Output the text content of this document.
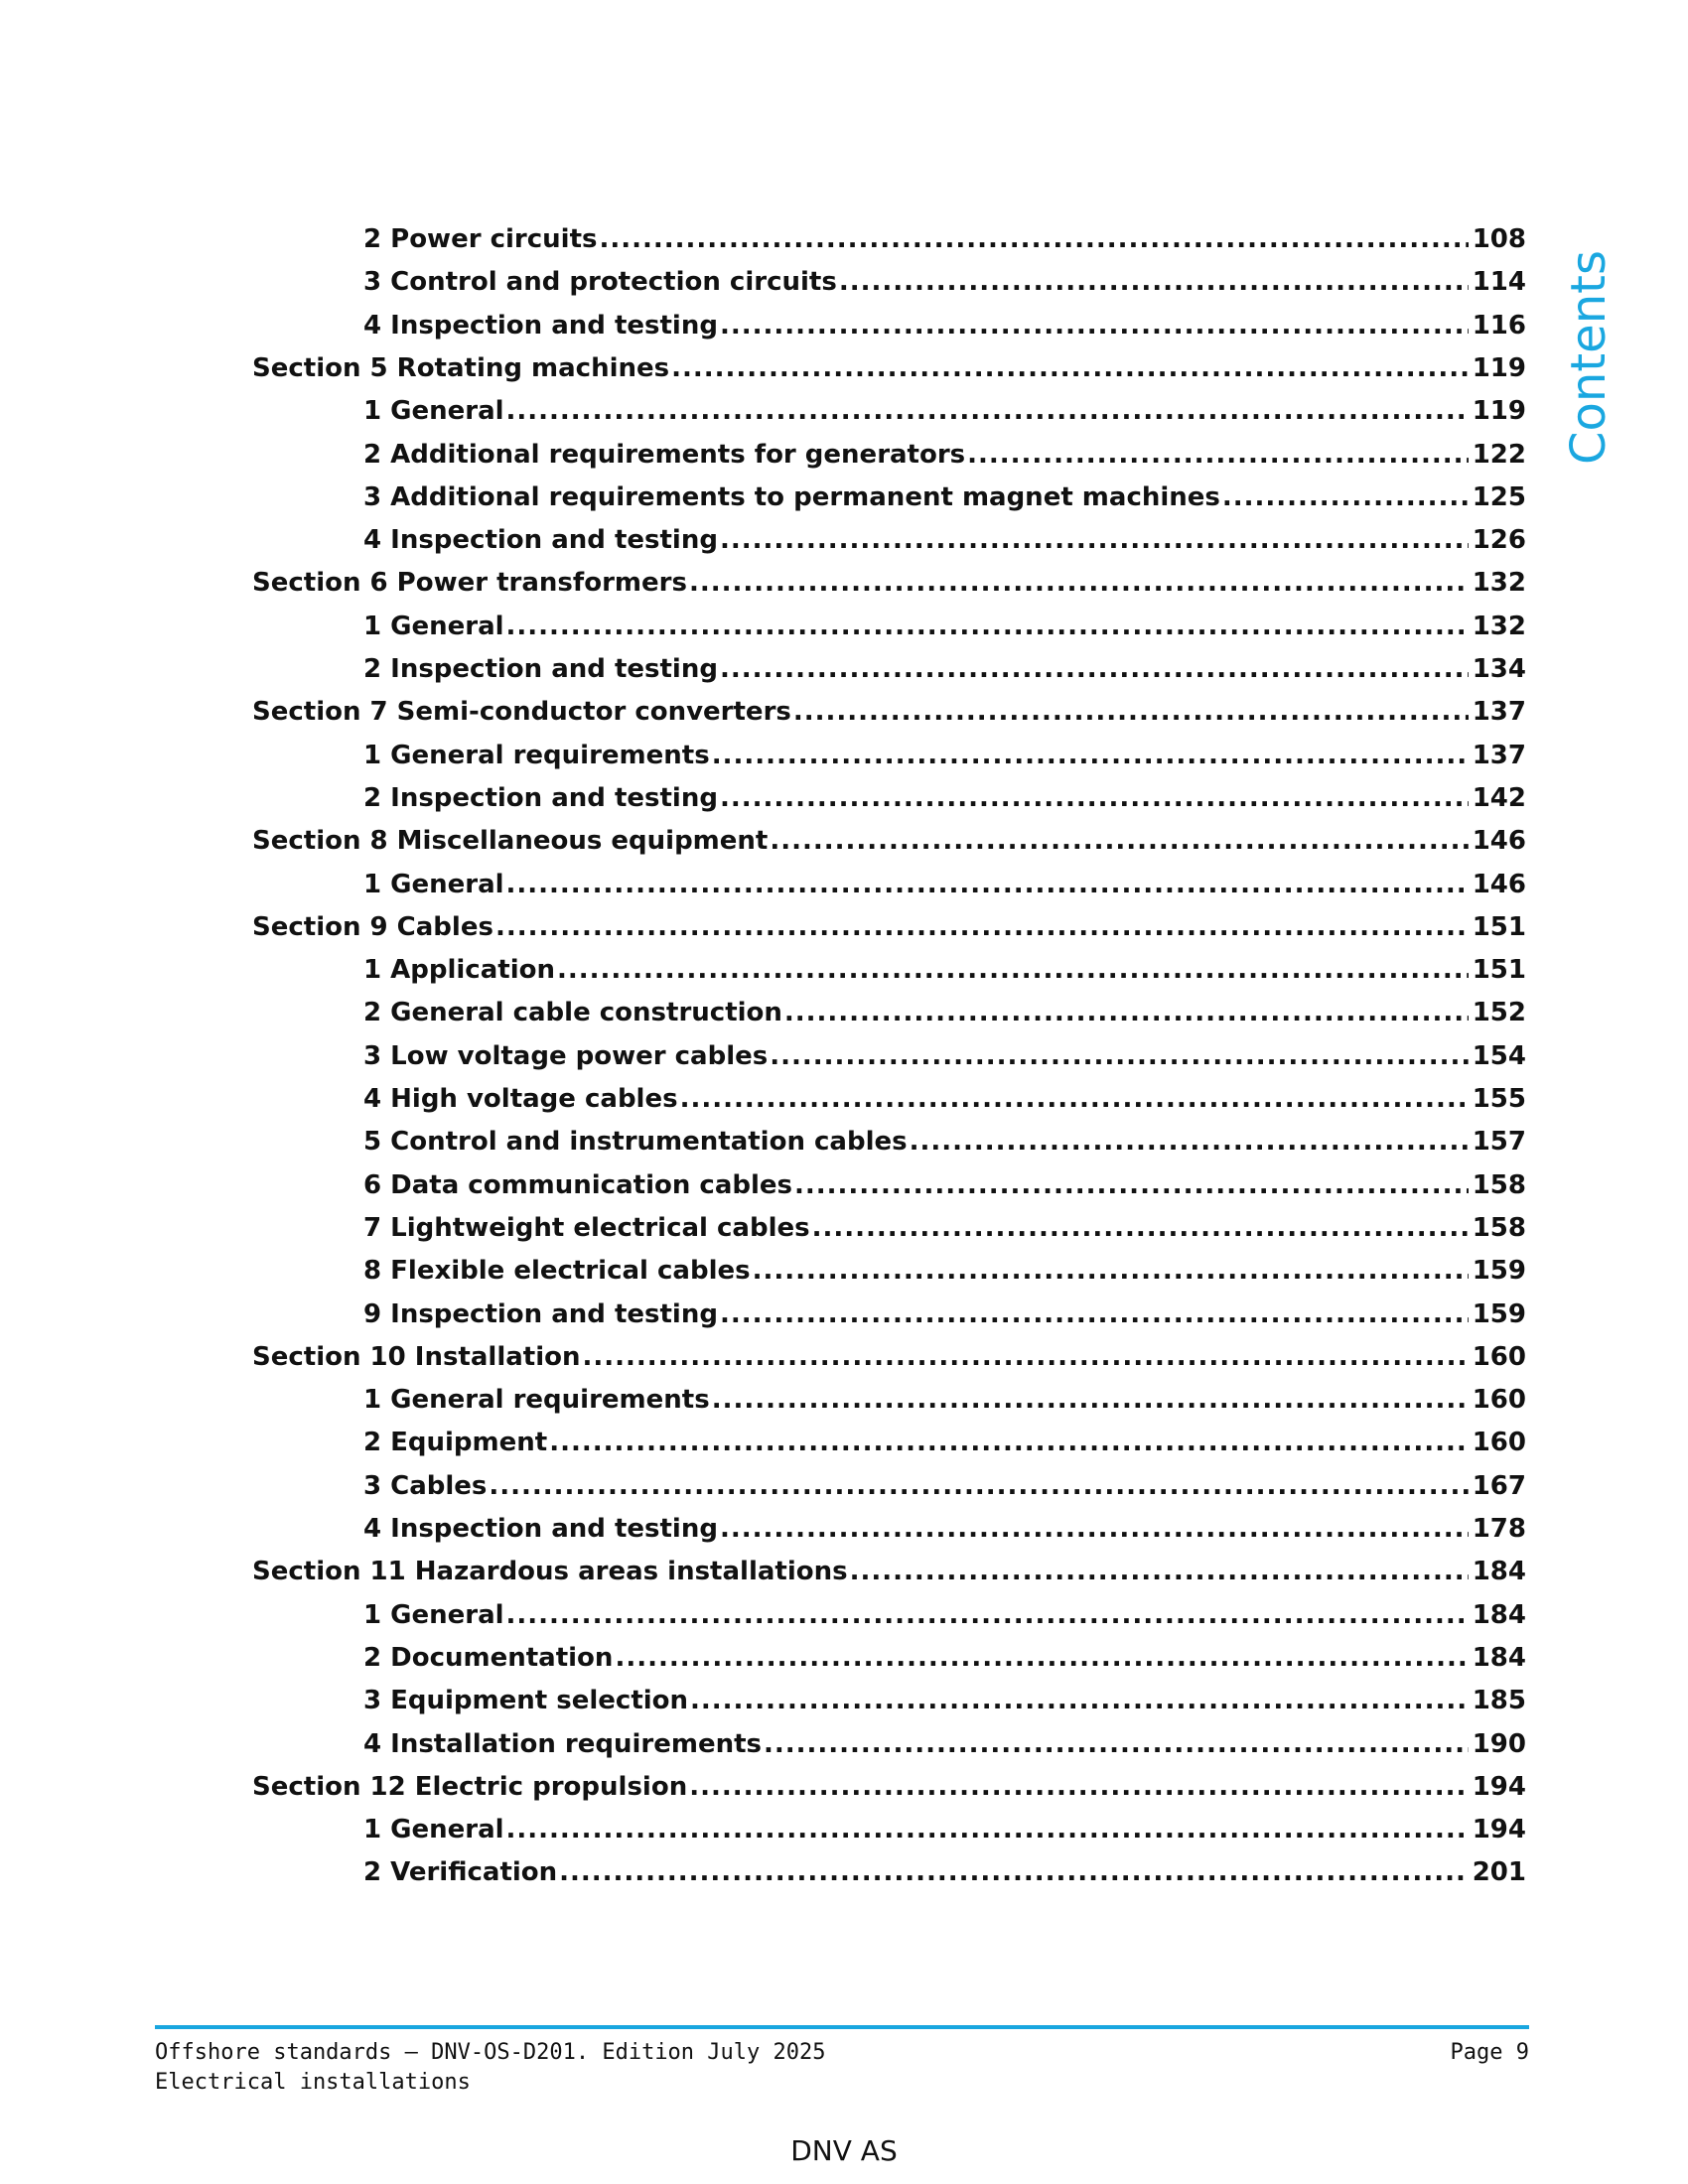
2 Power circuits .....	108
3 Control and protection circuits .....	114
4 Inspection and testing .....	116
Section 5 Rotating machines .....	119
1 General .....	119
2 Additional requirements for generators .....	122
3 Additional requirements to permanent magnet machines .....	125
4 Inspection and testing .....	126
Section 6 Power transformers .....	132
1 General .....	132
2 Inspection and testing .....	134
Section 7 Semi-conductor converters .....	137
1 General requirements .....	137
2 Inspection and testing .....	142
Section 8 Miscellaneous equipment .....	146
1 General .....	146
Section 9 Cables .....	151
1 Application .....	151
2 General cable construction .....	152
3 Low voltage power cables .....	154
4 High voltage cables .....	155
5 Control and instrumentation cables .....	157
6 Data communication cables .....	158
7 Lightweight electrical cables .....	158
8 Flexible electrical cables .....	159
9 Inspection and testing .....	159
Section 10 Installation .....	160
1 General requirements .....	160
2 Equipment .....	160
3 Cables .....	167
4 Inspection and testing .....	178
Section 11 Hazardous areas installations .....	184
1 General .....	184
2 Documentation .....	184
3 Equipment selection .....	185
4 Installation requirements .....	190
Section 12 Electric propulsion .....	194
1 General .....	194
2 Verification .....	201
Contents
Offshore standards — DNV-OS-D201. Edition July 2025
Electrical installations
Page 9
DNV AS
